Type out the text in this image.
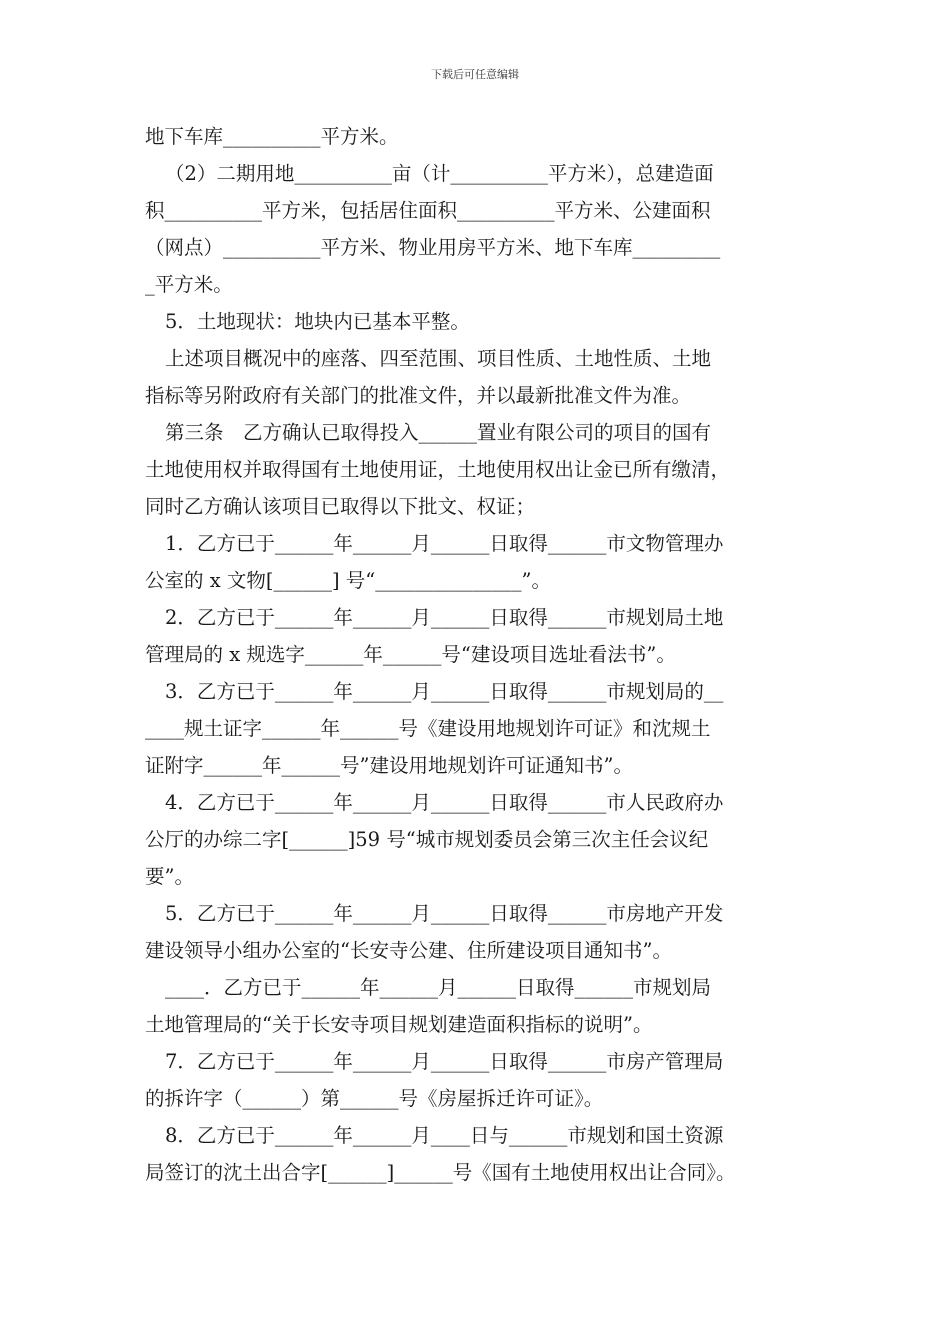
下载后可任意编辑
地下车库__________平方米。
（2）二期用地__________亩（计__________平方米），总建造面
积__________平方米，包括居住面积__________平方米、公建面积
（网点）__________平方米、物业用房平方米、地下车库_________
_平方米。
5．土地现状：地块内已基本平整。
上述项目概况中的座落、四至范围、项目性质、土地性质、土地
指标等另附政府有关部门的批准文件，并以最新批准文件为准。
第三条　乙方确认已取得投入______置业有限公司的项目的国有
土地使用权并取得国有土地使用证，土地使用权出让金已所有缴清，
同时乙方确认该项目已取得以下批文、权证；
1．乙方已于______年______月______日取得______市文物管理办
公室的 x 文物[______] 号“_______________”。
2．乙方已于______年______月______日取得______市规划局土地
管理局的 x 规选字______年______号“建设项目选址看法书”。
3．乙方已于______年______月______日取得______市规划局的__
____规土证字______年______号《建设用地规划许可证》和沈规土
证附字______年______号”建设用地规划许可证通知书”。
4．乙方已于______年______月______日取得______市人民政府办
公厅的办综二字[______]59 号“城市规划委员会第三次主任会议纪
要”。
5．乙方已于______年______月______日取得______市房地产开发
建设领导小组办公室的“长安寺公建、住所建设项目通知书”。
____．乙方已于______年______月______日取得______市规划局
土地管理局的“关于长安寺项目规划建造面积指标的说明”。
7．乙方已于______年______月______日取得______市房产管理局
的拆许字（______）第______号《房屋拆迁许可证》。
8．乙方已于______年______月____日与______市规划和国土资源
局签订的沈土出合字[______]______号《国有土地使用权出让合同》。
